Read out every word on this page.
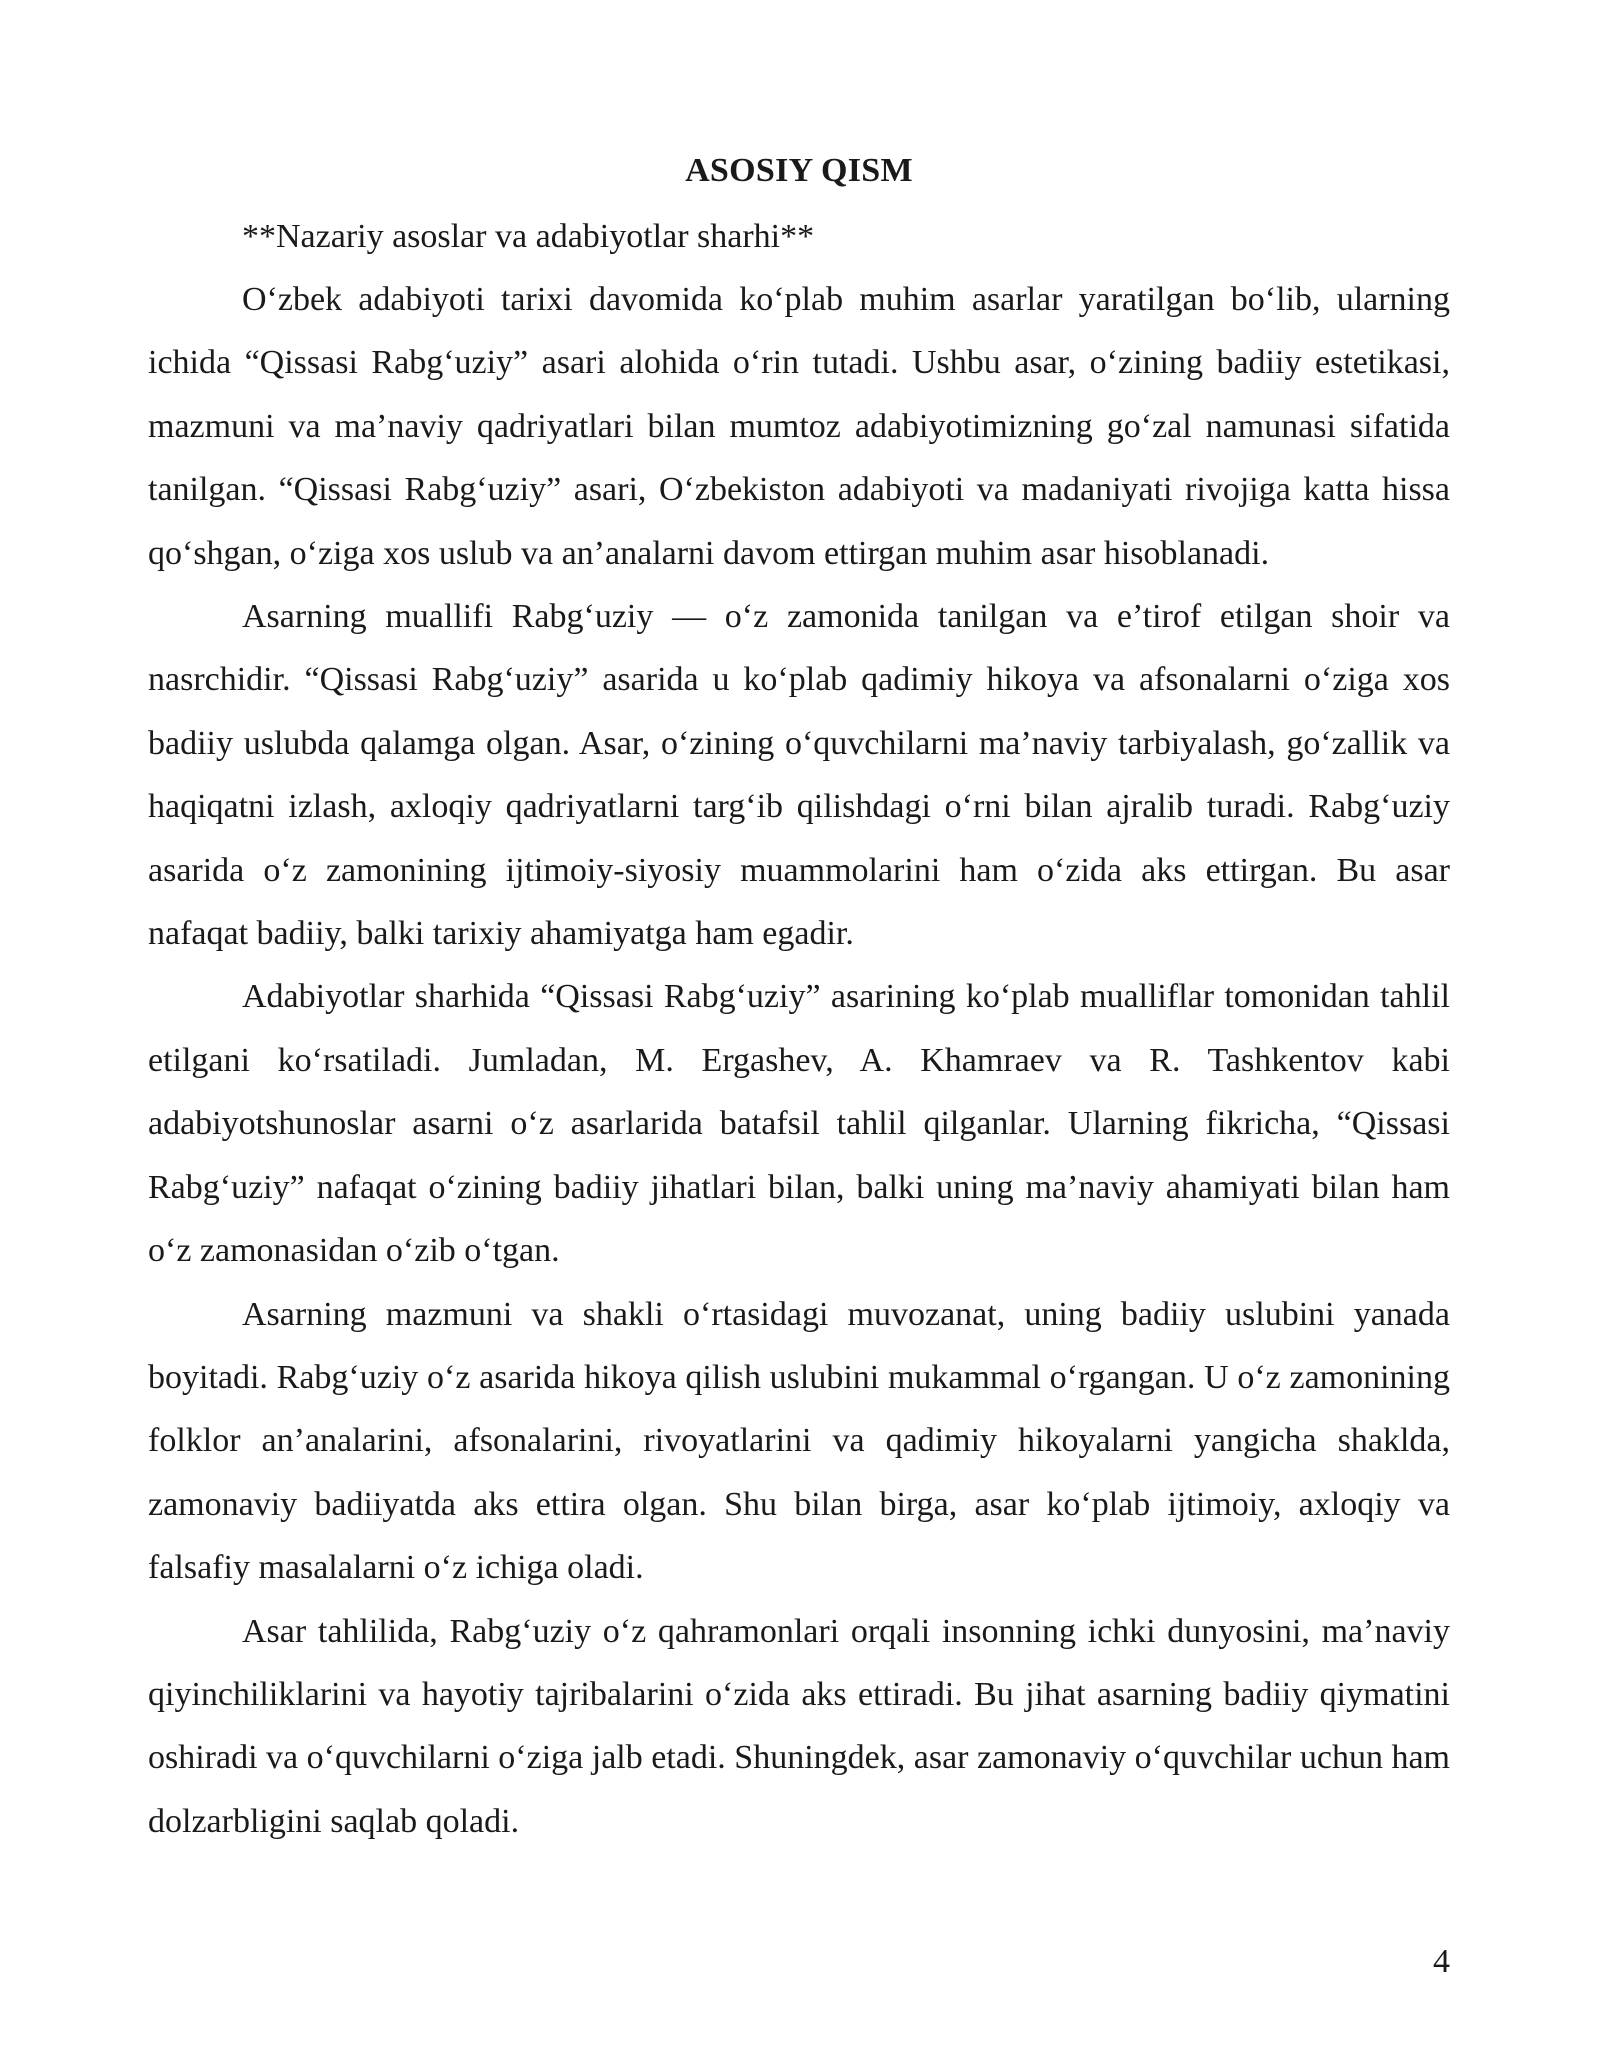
ASOSIY QISM

**Nazariy asoslar va adabiyotlar sharhi**

O‘zbek adabiyoti tarixi davomida ko‘plab muhim asarlar yaratilgan bo‘lib, ularning ichida “Qissasi Rabg‘uziy” asari alohida o‘rin tutadi. Ushbu asar, o‘zining badiiy estetikasi, mazmuni va ma’naviy qadriyatlari bilan mumtoz adabiyotimizning go‘zal namunasi sifatida tanilgan. “Qissasi Rabg‘uziy” asari, O‘zbekiston adabiyoti va madaniyati rivojiga katta hissa qo‘shgan, o‘ziga xos uslub va an’analarni davom ettirgan muhim asar hisoblanadi.

Asarning muallifi Rabg‘uziy — o‘z zamonida tanilgan va e’tirof etilgan shoir va nasrchidir. “Qissasi Rabg‘uziy” asarida u ko‘plab qadimiy hikoya va afsonalarni o‘ziga xos badiiy uslubda qalamga olgan. Asar, o‘zining o‘quvchilarni ma’naviy tarbiyalash, go‘zallik va haqiqatni izlash, axloqiy qadriyatlarni targ‘ib qilishdagi o‘rni bilan ajralib turadi. Rabg‘uziy asarida o‘z zamonining ijtimoiy-siyosiy muammolarini ham o‘zida aks ettirgan. Bu asar nafaqat badiiy, balki tarixiy ahamiyatga ham egadir.

Adabiyotlar sharhida “Qissasi Rabg‘uziy” asarining ko‘plab mualliflar tomonidan tahlil etilgani ko‘rsatiladi. Jumladan, M. Ergashev, A. Khamraev va R. Tashkentov kabi adabiyotshunoslar asarni o‘z asarlarida batafsil tahlil qilganlar. Ularning fikricha, “Qissasi Rabg‘uziy” nafaqat o‘zining badiiy jihatlari bilan, balki uning ma’naviy ahamiyati bilan ham o‘z zamonasidan o‘zib o‘tgan.

Asarning mazmuni va shakli o‘rtasidagi muvozanat, uning badiiy uslubini yanada boyitadi. Rabg‘uziy o‘z asarida hikoya qilish uslubini mukammal o‘rgangan. U o‘z zamonining folklor an’analarini, afsonalarini, rivoyatlarini va qadimiy hikoyalarni yangicha shaklda, zamonaviy badiiyatda aks ettira olgan. Shu bilan birga, asar ko‘plab ijtimoiy, axloqiy va falsafiy masalalarni o‘z ichiga oladi.

Asar tahlilida, Rabg‘uziy o‘z qahramonlari orqali insonning ichki dunyosini, ma’naviy qiyinchiliklarini va hayotiy tajribalarini o‘zida aks ettiradi. Bu jihat asarning badiiy qiymatini oshiradi va o‘quvchilarni o‘ziga jalb etadi. Shuningdek, asar zamonaviy o‘quvchilar uchun ham dolzarbligini saqlab qoladi.

4
